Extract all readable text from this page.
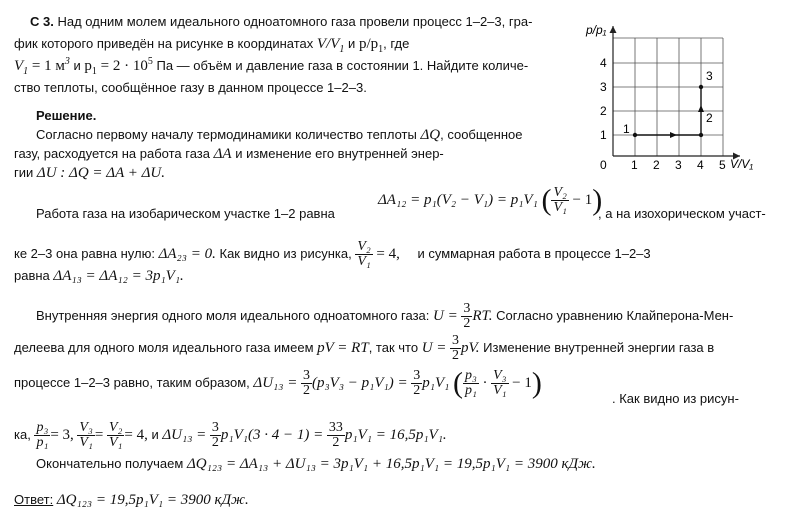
С 3. Над одним молем идеального одноатомного газа провели процесс 1–2–3, гра-
фик которого приведён на рисунке в координатах $V/V_1$ и $p/p_1$, где
$V_1 = 1$ $м^3$ и $p_1 = 2 \cdot 10^5$ Па — объём и давление газа в состоянии 1. Найдите количе-
ство теплоты, сообщённое газу в данном процессе 1–2–3.
p/p₁
V/V₁
0 1 2 3 4 5
1
2
3
4
1
2
3
Решение.
Согласно первому началу термодинамики количество теплоты ΔQ, сообщенное
газу, расходуется на работа газа ΔA и изменение его внутренней энер-
гии ΔU : ΔQ = ΔA + ΔU.
ΔA₁₂ = p₁(V₂ − V₁) = p₁V₁ ( $\frac{\text{V₂}}{\text{V₁}} - 1$)
Работа газа на изобарическом участке 1–2 равна	, а на изохорическом участ-
ке 2–3 она равна нулю: ΔA₂₃ = 0. Как видно из рисунка, $\frac{\text{V₂}}{\text{V₁}} = 4$, и суммарная работа в процессе 1–2–3
равна ΔA₁₃ = ΔA₁₂ = 3p₁V₁.
Внутренняя энергия одного моля идеального одноатомного газа: $U = \frac{3}{2}$ RT. Согласно уравнению Клайперона-Мен-
делеева для одного моля идеального газа имеем pV = RT, так что $U = \frac{3}{2}$ pV. Изменение внутренней энергии газа в
процессе 1–2–3 равно, таким образом, $\Delta U_{13} = \frac{3}{2} (p_3V_3 - p_1V_1) = \frac{3}{2} p_1V_1$ ( $\frac{\text{p₃}}{\text{p₁}} \cdot \frac{\text{V₃}}{\text{V₁}} - 1$)	. Как видно из рисун-
ка, $\frac{\text{p₃}}{\text{p₁}} = 3$, $\frac{\text{V₃}}{\text{V₁}} = \frac{\text{V₂}}{\text{V₁}} = 4$, и $\Delta U_{13} = \frac{3}{2} p_1V_1(3 \cdot 4 - 1) = \frac{33}{2} p_1V_1 = 16,5p_1V_1$.
Окончательно получаем ΔQ₁₂₃ = ΔA₁₃ + ΔU₁₃ = 3p₁V₁ + 16,5p₁V₁ = 19,5p₁V₁ = 3900 кДж.
Ответ: ΔQ₁₂₃ = 19,5p₁V₁ = 3900 кДж.
